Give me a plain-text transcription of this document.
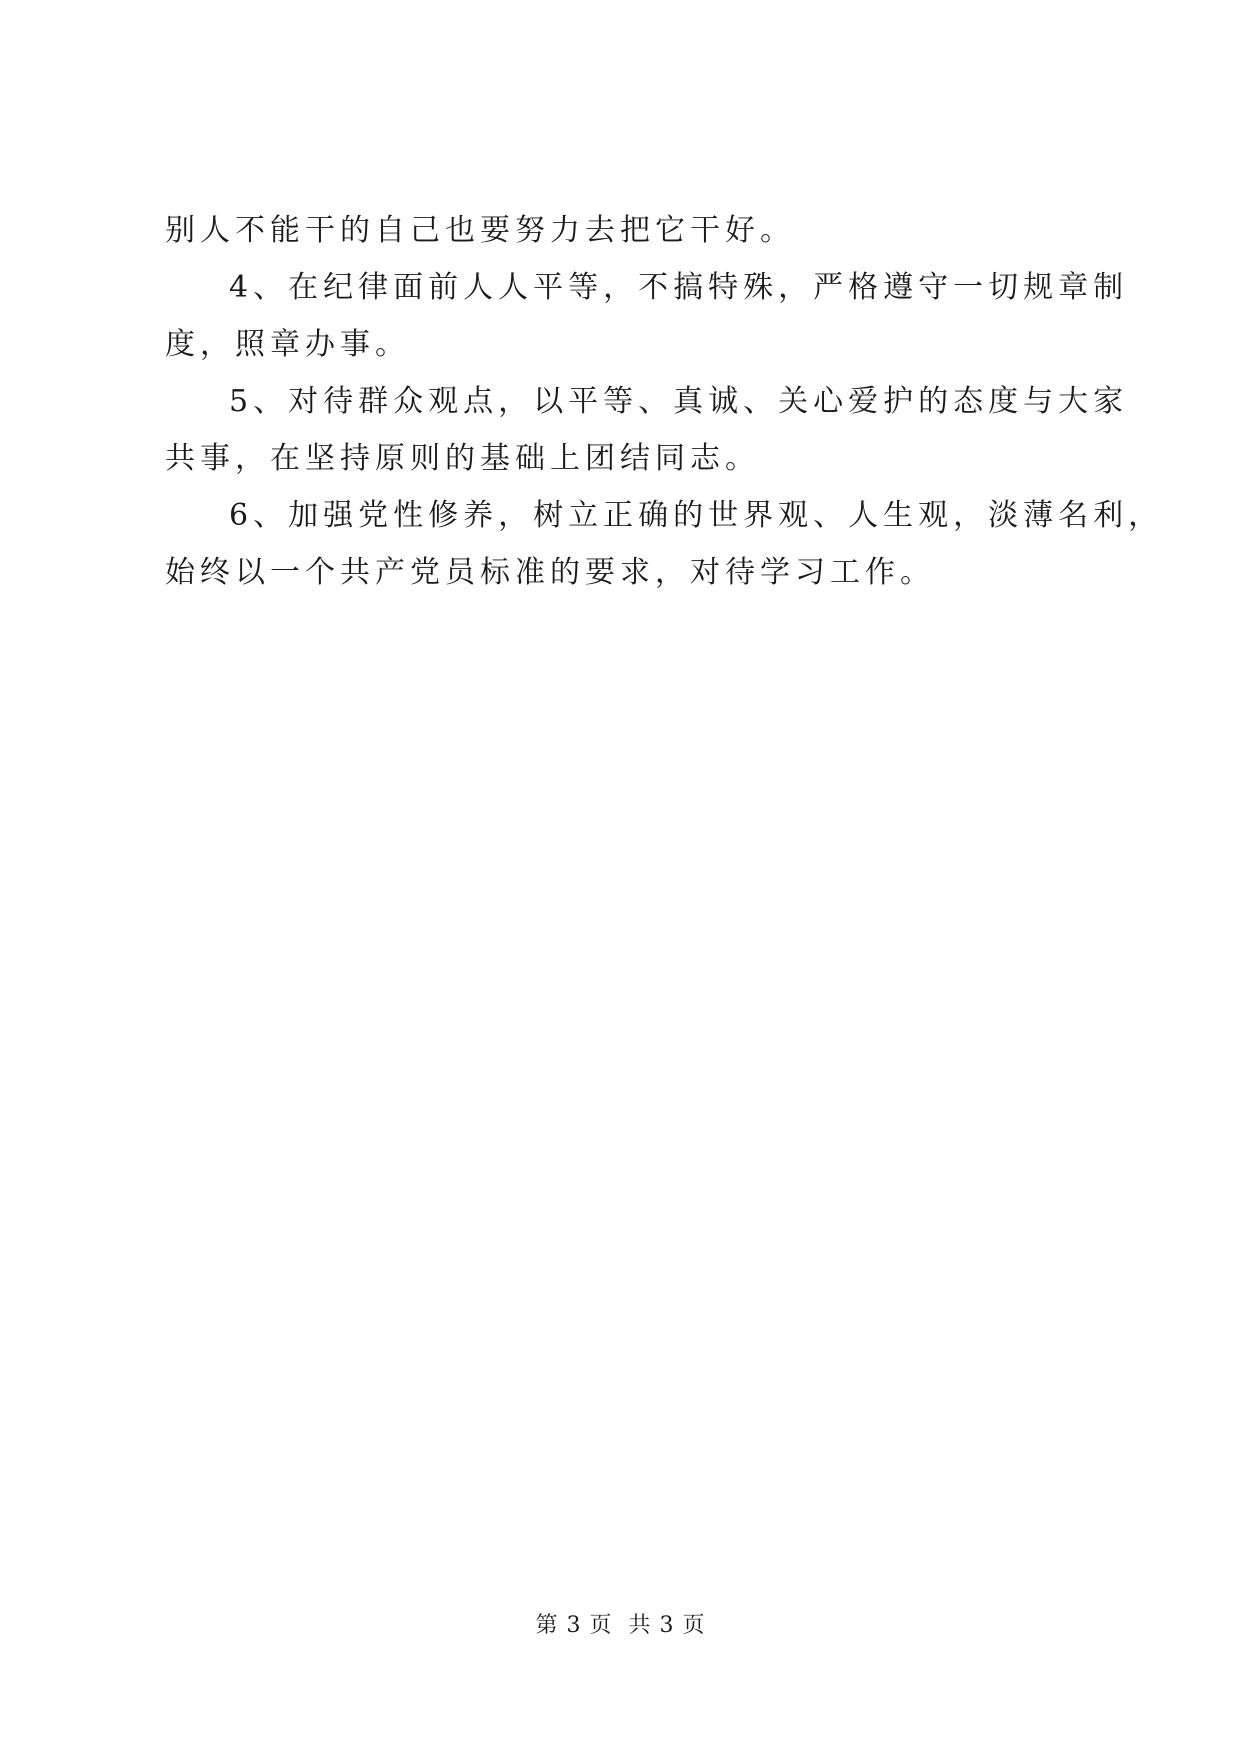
别人不能干的自己也要努力去把它干好。
4、在纪律面前人人平等，不搞特殊，严格遵守一切规章制
度，照章办事。
5、对待群众观点，以平等、真诚、关心爱护的态度与大家
共事，在坚持原则的基础上团结同志。
6、加强党性修养，树立正确的世界观、人生观，淡薄名利，
始终以一个共产党员标准的要求，对待学习工作。
第 3 页 共 3 页
